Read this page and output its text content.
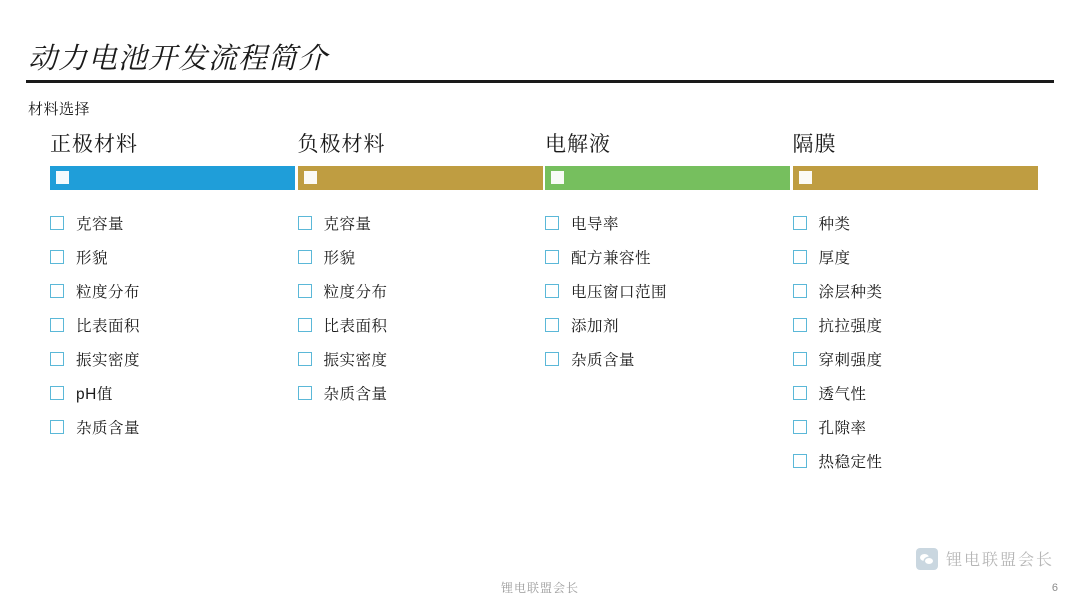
动力电池开发流程简介
材料选择
正极材料
克容量
形貌
粒度分布
比表面积
振实密度
pH值
杂质含量
负极材料
克容量
形貌
粒度分布
比表面积
振实密度
杂质含量
电解液
电导率
配方兼容性
电压窗口范围
添加剂
杂质含量
隔膜
种类
厚度
涂层种类
抗拉强度
穿刺强度
透气性
孔隙率
热稳定性
锂电联盟会长
锂电联盟会长	6
